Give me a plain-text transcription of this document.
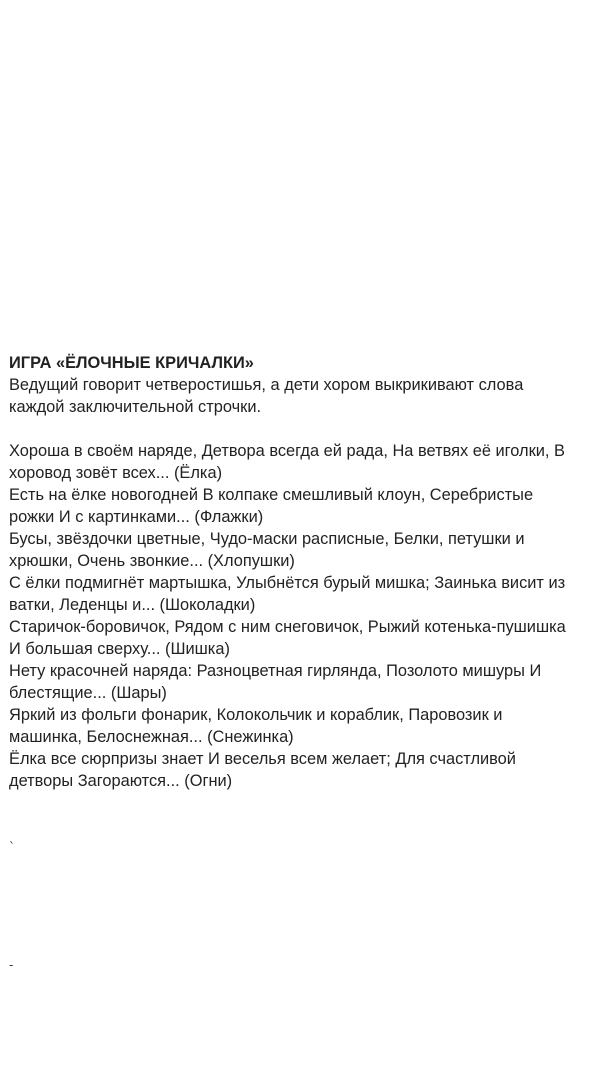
ИГРА «ЁЛОЧНЫЕ КРИЧАЛКИ»
Ведущий говорит четверостишья, а дети хором выкрикивают слова
каждой заключительной строчки.
Хороша в своём наряде, Детвора всегда ей рада, На ветвях её иголки, В
хоровод зовёт всех... (Ёлка)
Есть на ёлке новогодней В колпаке смешливый клоун, Серебристые
рожки И с картинками... (Флажки)
Бусы, звёздочки цветные, Чудо-маски расписные, Белки, петушки и
хрюшки, Очень звонкие... (Хлопушки)
С ёлки подмигнёт мартышка, Улыбнётся бурый мишка; Заинька висит из
ватки, Леденцы и... (Шоколадки)
Старичок-боровичок, Рядом с ним снеговичок, Рыжий котенька-пушишка
И большая сверху... (Шишка)
Нету красочней наряда: Разноцветная гирлянда, Позолото мишуры И
блестящие... (Шары)
Яркий из фольги фонарик, Колокольчик и кораблик, Паровозик и
машинка, Белоснежная... (Снежинка)
Ёлка все сюрпризы знает И веселья всем желает; Для счастливой
детворы Загораются... (Огни)
`
-
